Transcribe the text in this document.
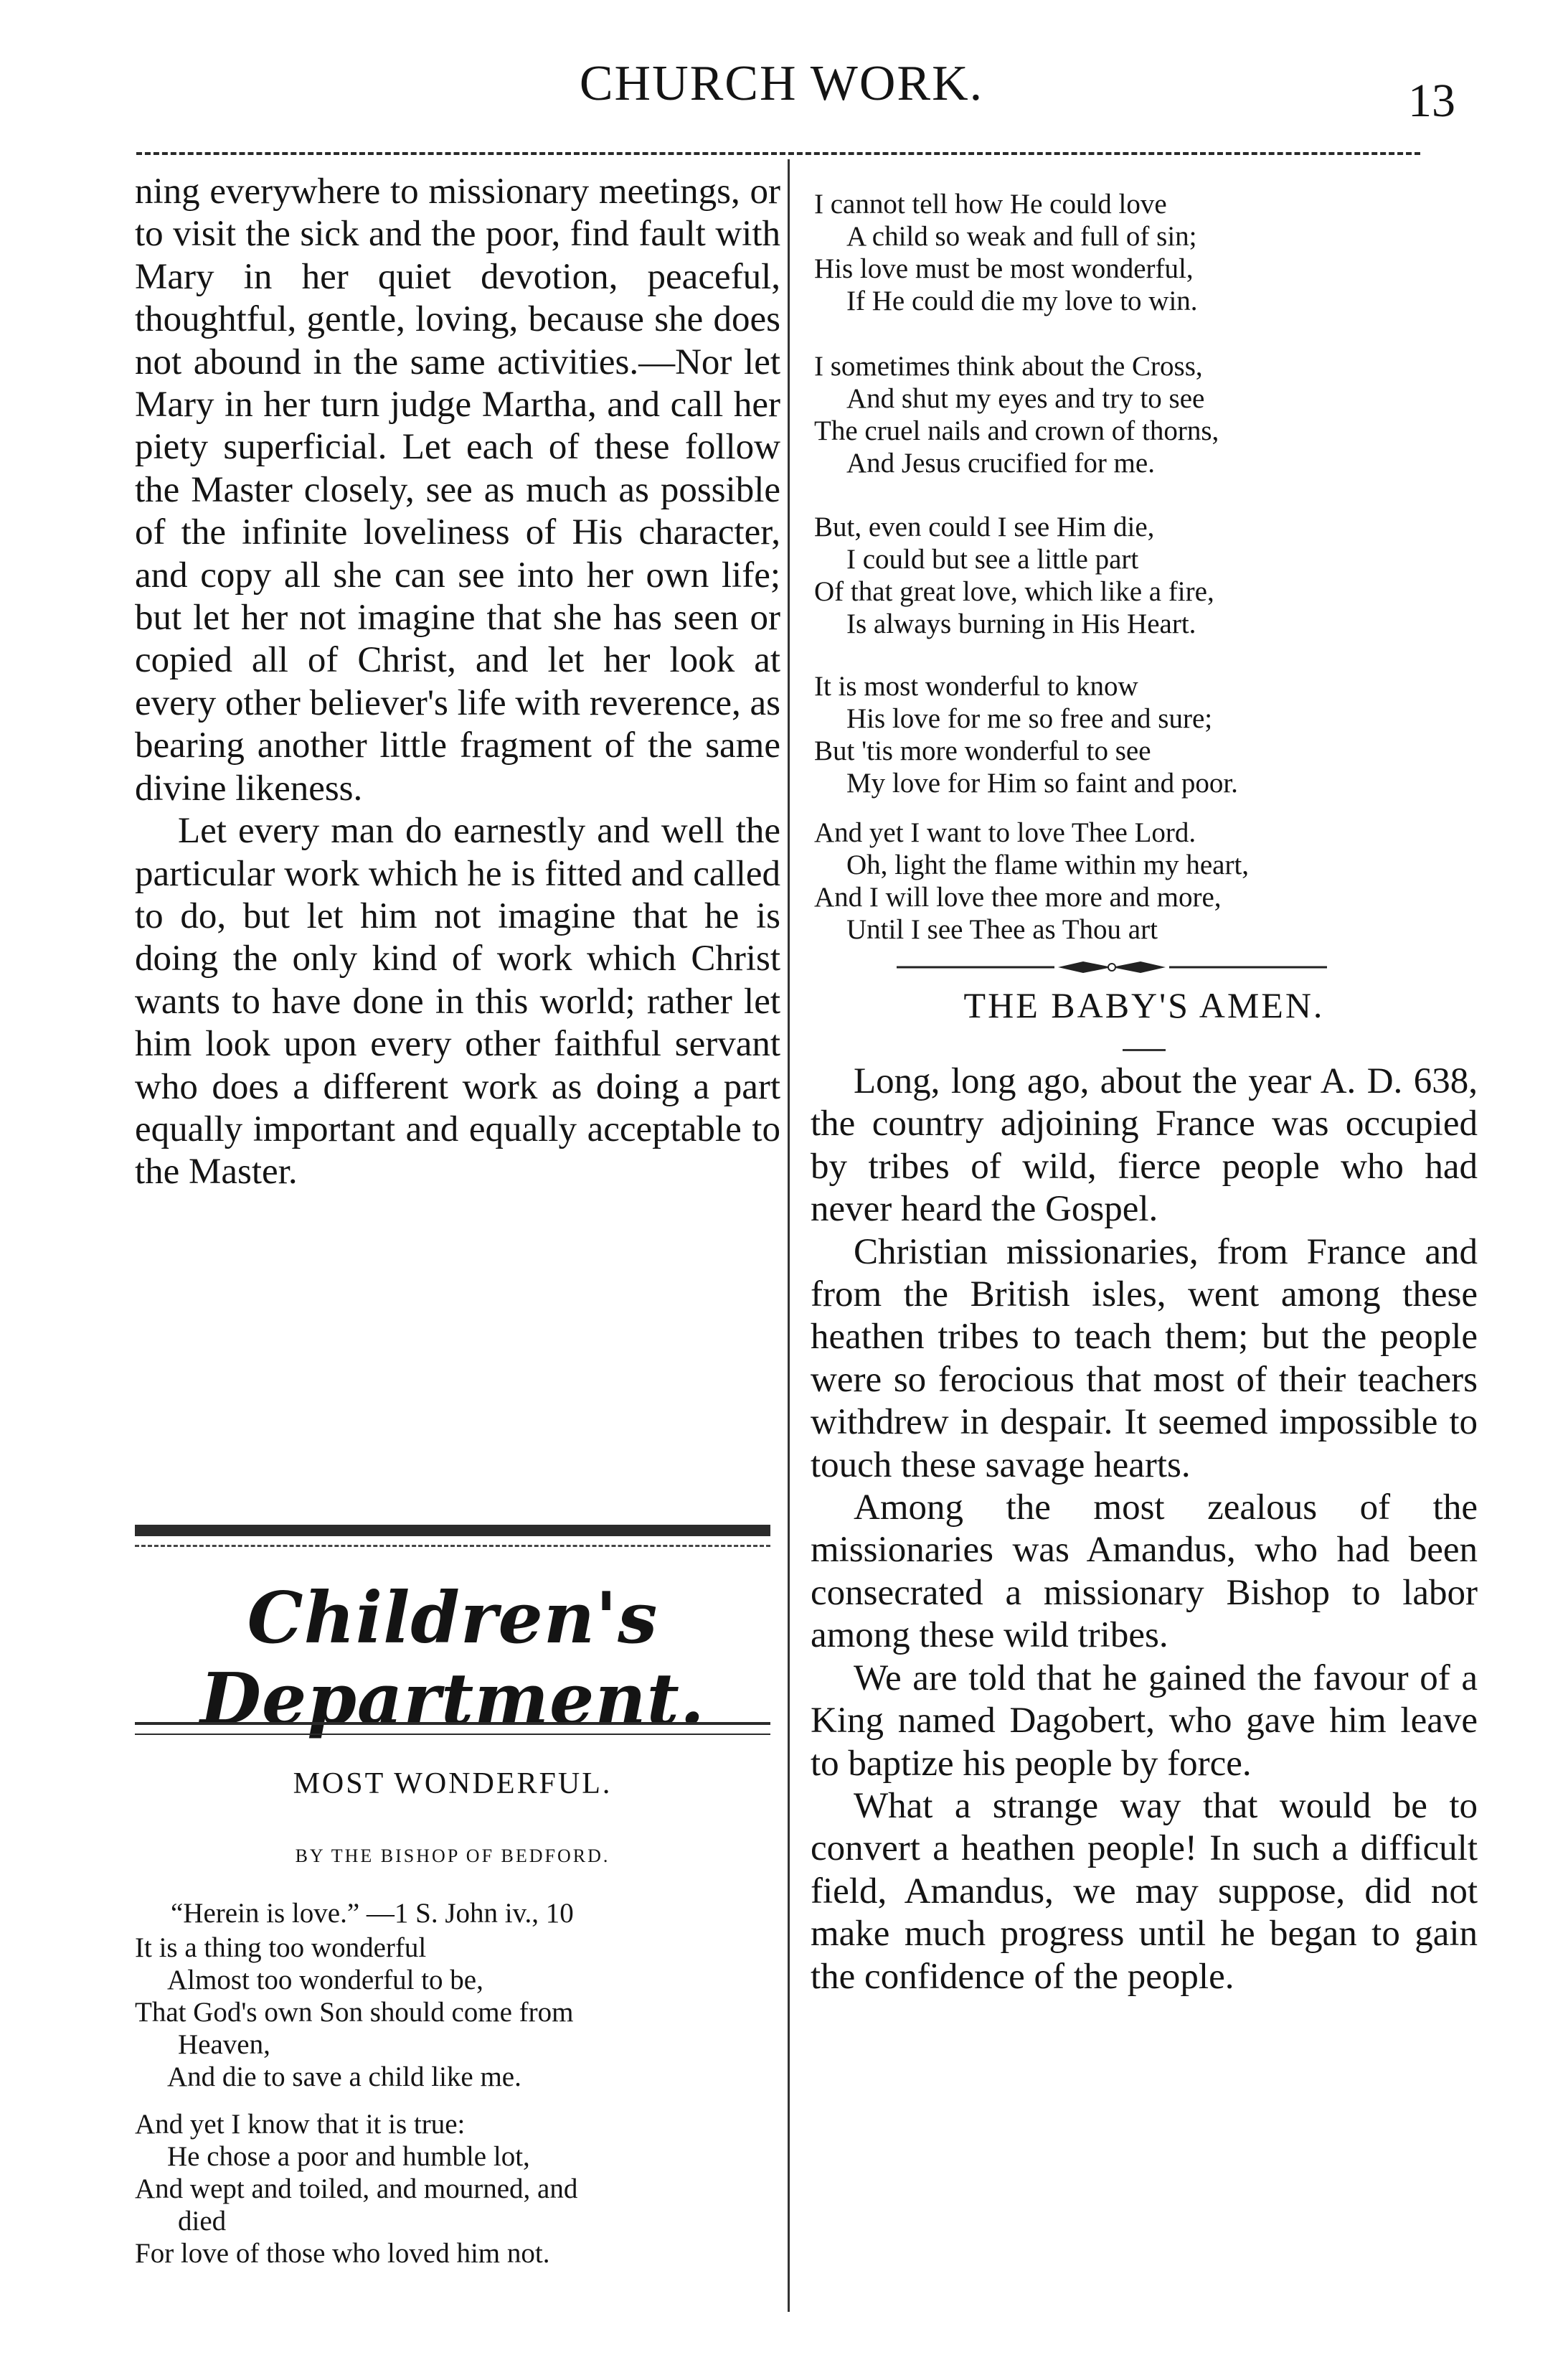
CHURCH WORK.	13

ning everywhere to missionary meetings, or to visit the sick and the poor, find fault with Mary in her quiet devotion, peaceful, thoughtful, gentle, loving, because she does not abound in the same activities.—Nor let Mary in her turn judge Martha, and call her piety superficial. Let each of these follow the Master closely, see as much as possible of the infinite loveliness of His character, and copy all she can see into her own life; but let her not imagine that she has seen or copied all of Christ, and let her look at every other believer's life with reverence, as bearing another little fragment of the same divine likeness.

Let every man do earnestly and well the particular work which he is fitted and called to do, but let him not imagine that he is doing the only kind of work which Christ wants to have done in this world; rather let him look upon every other faithful servant who does a different work as doing a part equally important and equally acceptable to the Master.

Children's Department.
MOST WONDERFUL.
BY THE BISHOP OF BEDFORD.
“Herein is love.” —1 S. John iv., 10
It is a thing too wonderful
Almost too wonderful to be,
That God's own Son should come from
Heaven,
And die to save a child like me.
And yet I know that it is true:
He chose a poor and humble lot,
And wept and toiled, and mourned, and
died
For love of those who loved him not.
I cannot tell how He could love
A child so weak and full of sin;
His love must be most wonderful,
If He could die my love to win.
I sometimes think about the Cross,
And shut my eyes and try to see
The cruel nails and crown of thorns,
And Jesus crucified for me.
But, even could I see Him die,
I could but see a little part
Of that great love, which like a fire,
Is always burning in His Heart.
It is most wonderful to know
His love for me so free and sure;
But 'tis more wonderful to see
My love for Him so faint and poor.
And yet I want to love Thee Lord.
Oh, light the flame within my heart,
And I will love thee more and more,
Until I see Thee as Thou art
THE BABY'S AMEN.

Long, long ago, about the year A. D. 638, the country adjoining France was occupied by tribes of wild, fierce people who had never heard the Gospel.

Christian missionaries, from France and from the British isles, went among these heathen tribes to teach them; but the people were so ferocious that most of their teachers withdrew in despair. It seemed impossible to touch these savage hearts.

Among the most zealous of the missionaries was Amandus, who had been consecrated a missionary Bishop to labor among these wild tribes.

We are told that he gained the favour of a King named Dagobert, who gave him leave to baptize his people by force.

What a strange way that would be to convert a heathen people! In such a difficult field, Amandus, we may suppose, did not make much progress until he began to gain the confidence of the people.
